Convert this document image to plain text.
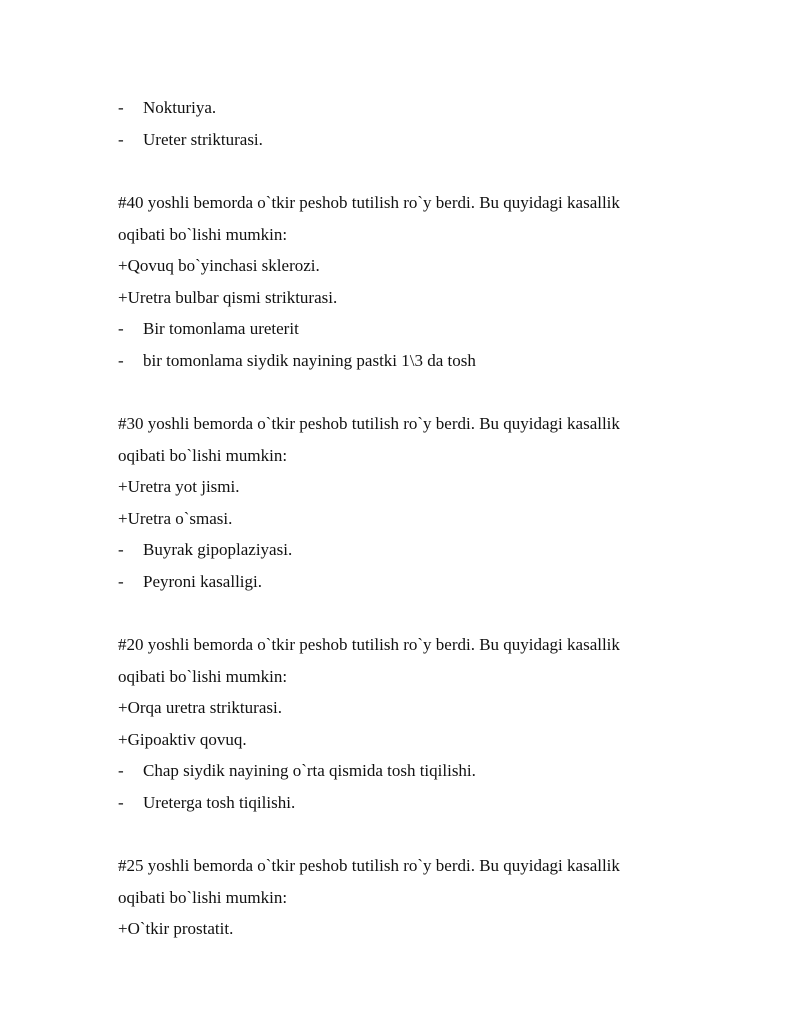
-	Nokturiya.
-	Ureter strikturasi.
#40 yoshli bemorda o`tkir peshob tutilish ro`y berdi. Bu quyidagi kasallik
oqibati bo`lishi mumkin:
+Qovuq bo`yinchasi sklerozi.
+Uretra bulbar qismi strikturasi.
-	Bir tomonlama ureterit
-	bir tomonlama siydik nayining pastki 1\3 da tosh
#30 yoshli bemorda o`tkir peshob tutilish ro`y berdi. Bu quyidagi kasallik
oqibati bo`lishi mumkin:
+Uretra yot jismi.
+Uretra o`smasi.
-	Buyrak gipoplaziyasi.
-	Peyroni kasalligi.
#20 yoshli bemorda o`tkir peshob tutilish ro`y berdi. Bu quyidagi kasallik
oqibati bo`lishi mumkin:
+Orqa uretra strikturasi.
+Gipoaktiv qovuq.
-	Chap siydik nayining o`rta qismida tosh tiqilishi.
-	Ureterga tosh tiqilishi.
#25 yoshli bemorda o`tkir peshob tutilish ro`y berdi. Bu quyidagi kasallik
oqibati bo`lishi mumkin:
+O`tkir prostatit.
